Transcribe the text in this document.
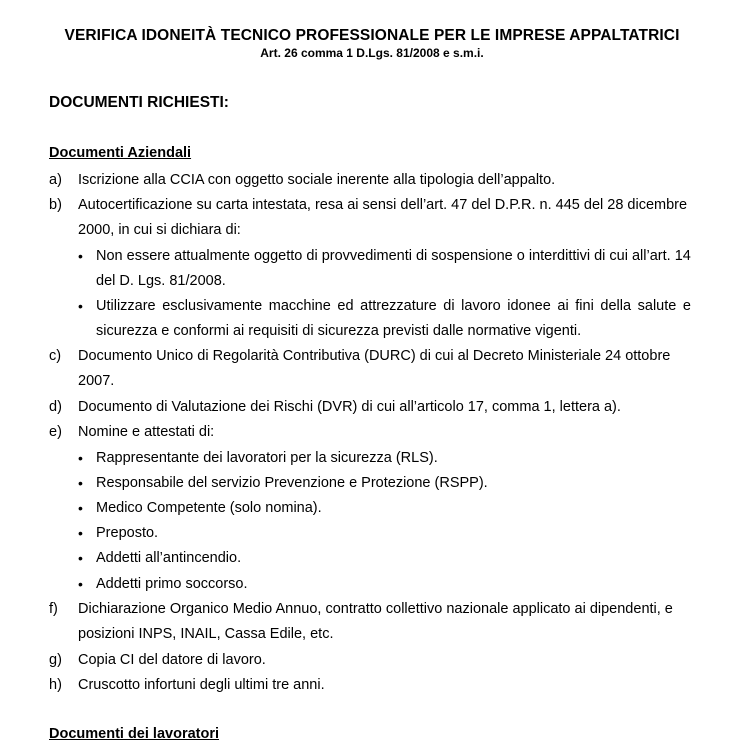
VERIFICA IDONEITÀ TECNICO PROFESSIONALE PER LE IMPRESE APPALTATRICI
Art. 26 comma 1 D.Lgs. 81/2008 e s.m.i.
DOCUMENTI RICHIESTI:
Documenti Aziendali
a) Iscrizione alla CCIA con oggetto sociale inerente alla tipologia dell’appalto.
b) Autocertificazione su carta intestata, resa ai sensi dell’art. 47 del D.P.R. n. 445 del 28 dicembre
2000, in cui si dichiara di:
• Non essere attualmente oggetto di provvedimenti di sospensione o interdittivi di cui all’art. 14
del D. Lgs. 81/2008.
• Utilizzare esclusivamente macchine ed attrezzature di lavoro idonee ai fini della salute e
sicurezza e conformi ai requisiti di sicurezza previsti dalle normative vigenti.
c) Documento Unico di Regolarità Contributiva (DURC) di cui al Decreto Ministeriale 24 ottobre
2007.
d) Documento di Valutazione dei Rischi (DVR) di cui all’articolo 17, comma 1, lettera a).
e) Nomine e attestati di:
• Rappresentante dei lavoratori per la sicurezza (RLS).
• Responsabile del servizio Prevenzione e Protezione (RSPP).
• Medico Competente (solo nomina).
• Preposto.
• Addetti all’antincendio.
• Addetti primo soccorso.
f) Dichiarazione Organico Medio Annuo, contratto collettivo nazionale applicato ai dipendenti, e
posizioni INPS, INAIL, Cassa Edile, etc.
g) Copia CI del datore di lavoro.
h) Cruscotto infortuni degli ultimi tre anni.
Documenti dei lavoratori
